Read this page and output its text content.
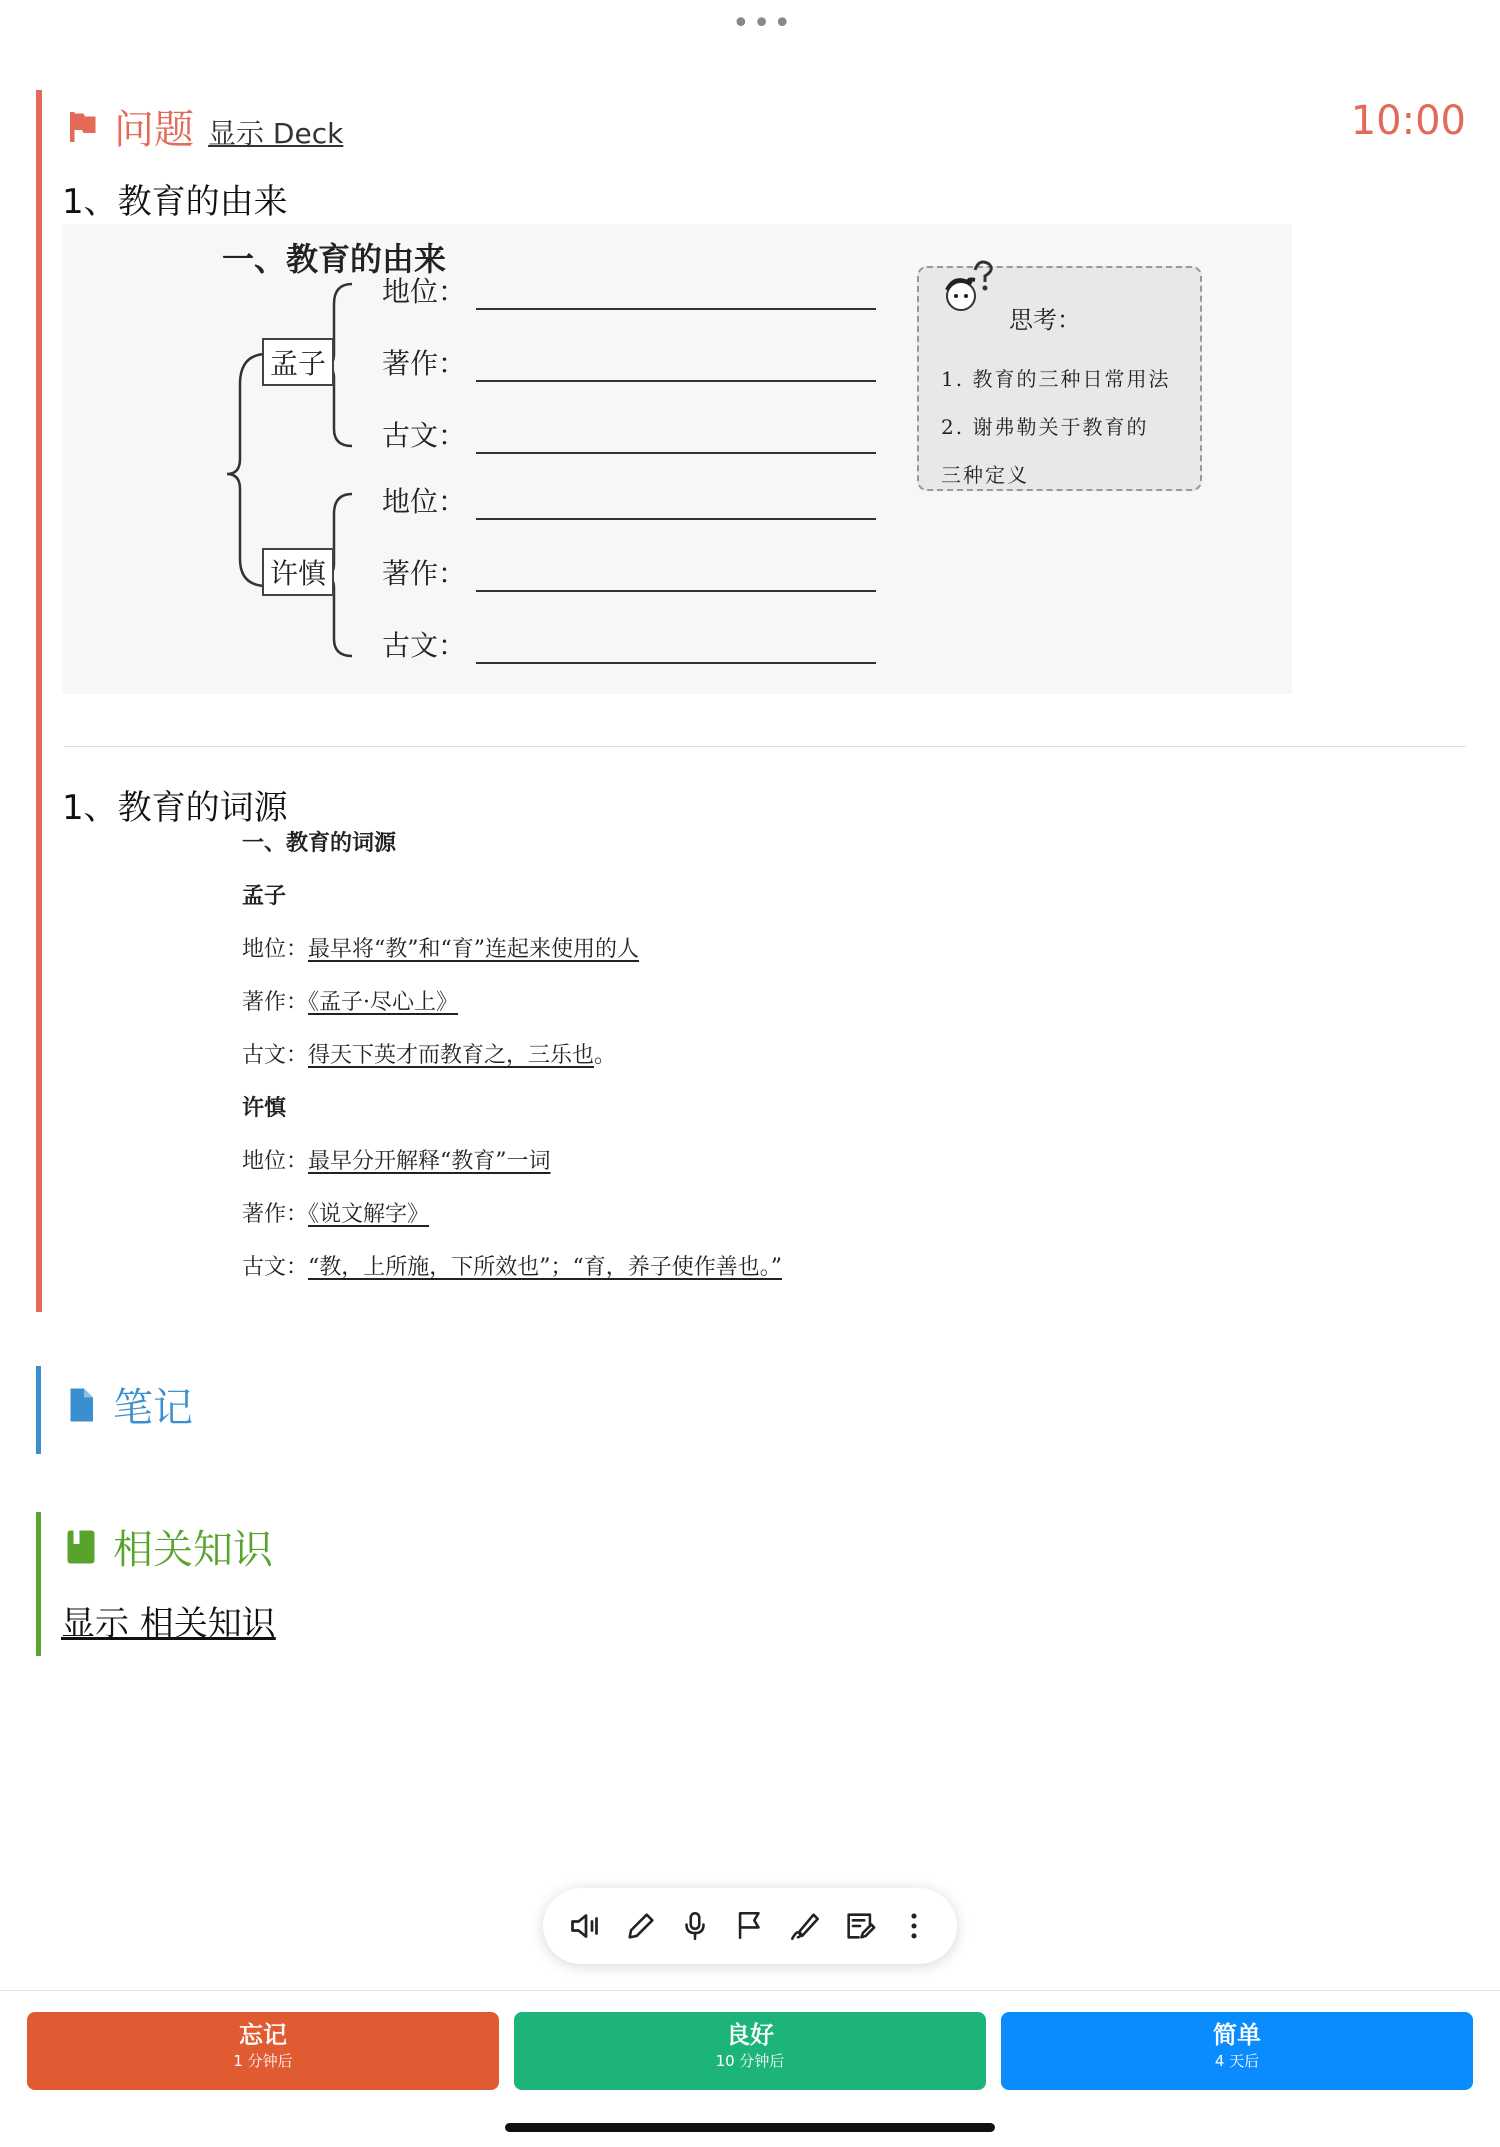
•••
问题 显示 Deck	10:00
1、教育的由来
一、教育的由来
孟子
许慎
地位：
著作：
古文：
地位：
著作：
古文：
思考：
1. 教育的三种日常用法
2. 谢弗勒关于教育的
三种定义
1、教育的词源
一、教育的词源
孟子
地位：最早将“教”和“育”连起来使用的人
著作：《孟子·尽心上》
古文：得天下英才而教育之，三乐也。
许慎
地位：最早分开解释“教育”一词
著作：《说文解字》
古文：“教，上所施，下所效也”；“育，养子使作善也。”
笔记
相关知识
显示 相关知识
忘记
1 分钟后
良好
10 分钟后
简单
4 天后
